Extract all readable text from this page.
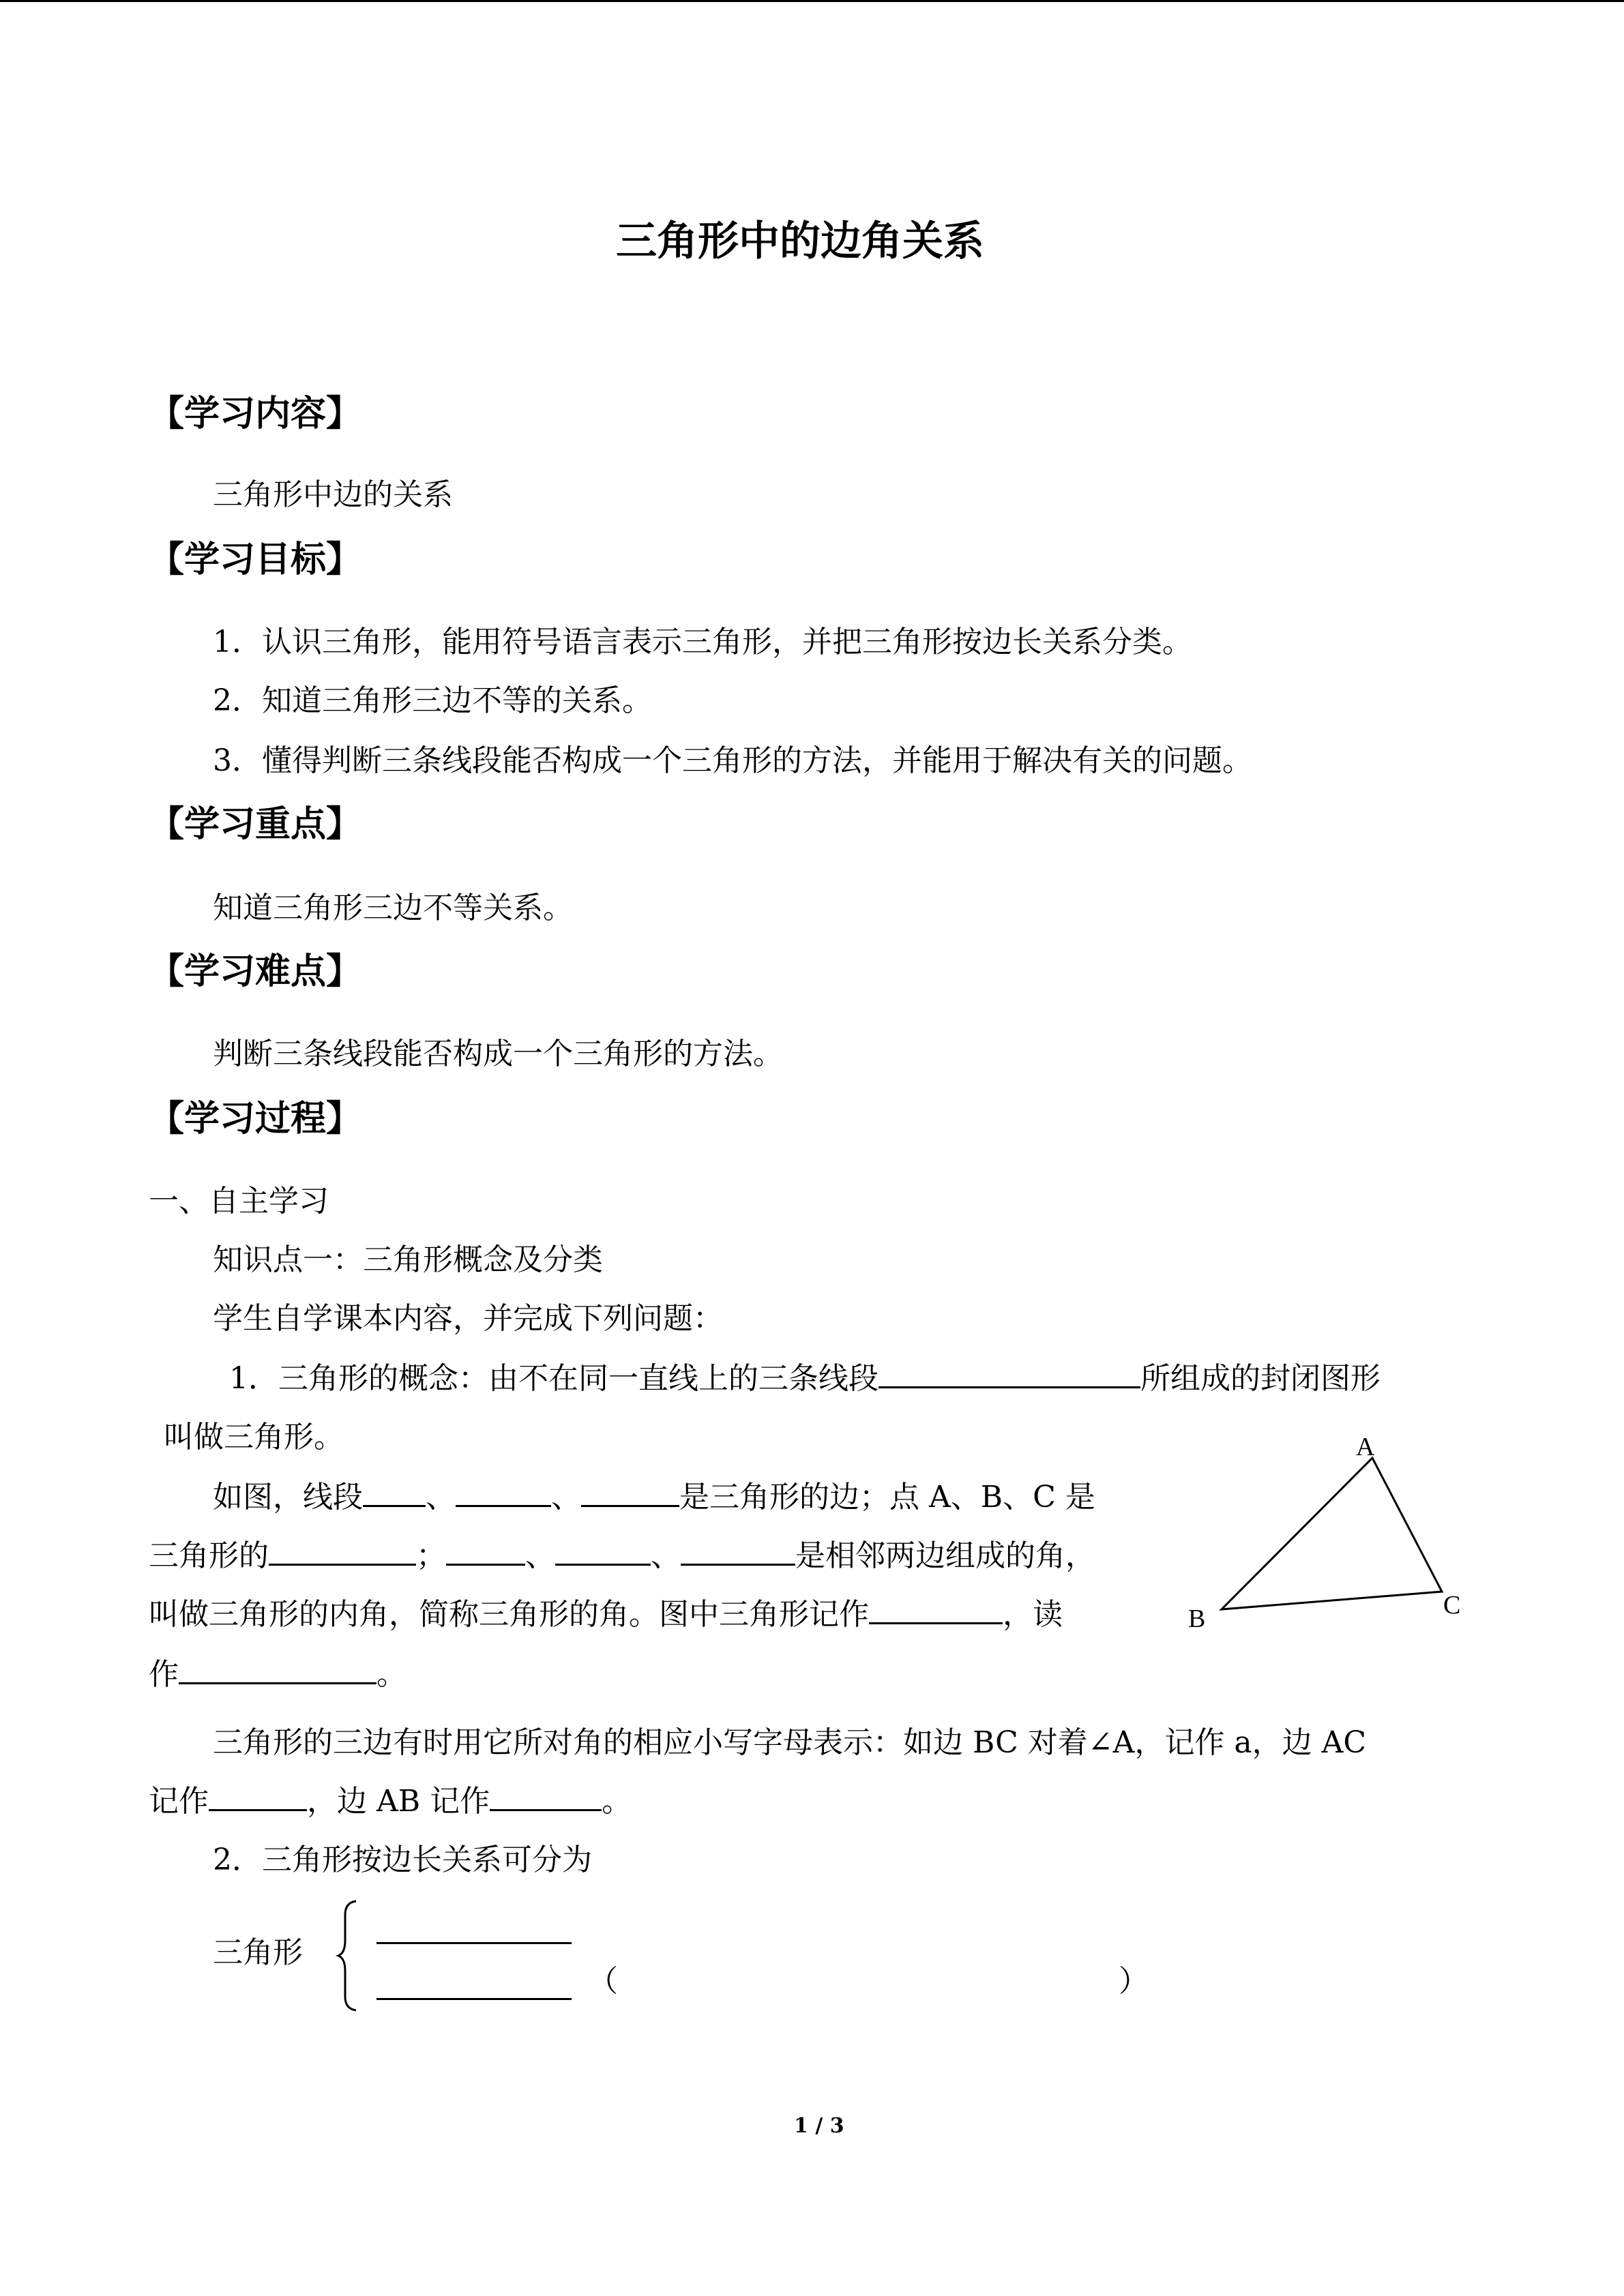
三角形中的边角关系
【学习内容】
三角形中边的关系
【学习目标】
1．认识三角形，能用符号语言表示三角形，并把三角形按边长关系分类。
2．知道三角形三边不等的关系。
3．懂得判断三条线段能否构成一个三角形的方法，并能用于解决有关的问题。
【学习重点】
知道三角形三边不等关系。
【学习难点】
判断三条线段能否构成一个三角形的方法。
【学习过程】
一、自主学习
知识点一：三角形概念及分类
学生自学课本内容，并完成下列问题：
1．三角形的概念：由不在同一直线上的三条线段	所组成的封闭图形
叫做三角形。
如图，线段 、	、	是三角形的边；点 A、B、C 是
三角形的	；	、	、	是相邻两边组成的角，
叫做三角形的内角，简称三角形的角。图中三角形记作	，读
作	。
A
B	C
三角形的三边有时用它所对角的相应小写字母表示：如边 BC 对着∠A，记作 a，边 AC
记作	，边 AB 记作	。
2．三角形按边长关系可分为
三角形
（	）
1 / 3
